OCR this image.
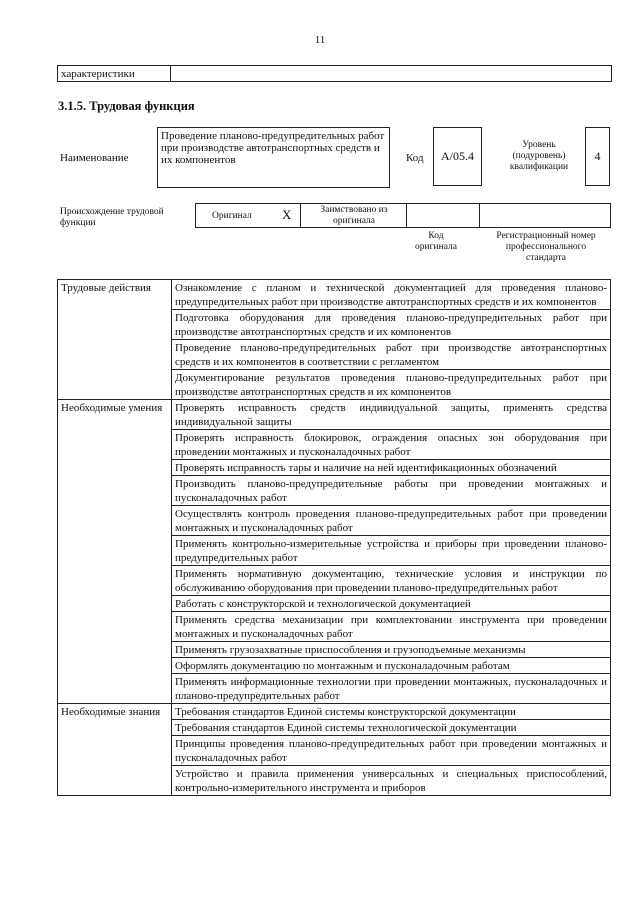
11
характеристики
3.1.5. Трудовая функция
Наименование
Проведение планово-предупредительных работ при производстве автотранспортных средств и их компонентов	Код	A/05.4
Уровень (подуровень) квалификации
4
Происхождение трудовой функции
Оригинал X	Заимствовано из оригинала
Код оригинала
Регистрационный номер профессионального стандарта
Трудовые действия	Ознакомление с планом и технической документацией для проведения планово-предупредительных работ при производстве автотранспортных средств и их компонентов
	Подготовка оборудования для проведения планово-предупредительных работ при производстве автотранспортных средств и их компонентов
	Проведение планово-предупредительных работ при производстве автотранспортных средств и их компонентов в соответствии с регламентом
	Документирование результатов проведения планово-предупредительных работ при производстве автотранспортных средств и их компонентов
Необходимые умения	Проверять исправность средств индивидуальной защиты, применять средства индивидуальной защиты
	Проверять исправность блокировок, ограждения опасных зон оборудования при проведении монтажных и пусконаладочных работ
	Проверять исправность тары и наличие на ней идентификационных обозначений
	Производить планово-предупредительные работы при проведении монтажных и пусконаладочных работ
	Осуществлять контроль проведения планово-предупредительных работ при проведении монтажных и пусконаладочных работ
	Применять контрольно-измерительные устройства и приборы при проведении планово-предупредительных работ
	Применять нормативную документацию, технические условия и инструкции по обслуживанию оборудования при проведении планово-предупредительных работ
	Работать с конструкторской и технологической документацией
	Применять средства механизации при комплектовании инструмента при проведении монтажных и пусконаладочных работ
	Применять грузозахватные приспособления и грузоподъемные механизмы
	Оформлять документацию по монтажным и пусконаладочным работам
	Применять информационные технологии при проведении монтажных, пусконаладочных и планово-предупредительных работ
Необходимые знания	Требования стандартов Единой системы конструкторской документации
	Требования стандартов Единой системы технологической документации
	Принципы проведения планово-предупредительных работ при проведении монтажных и пусконаладочных работ
	Устройство и правила применения универсальных и специальных приспособлений, контрольно-измерительного инструмента и приборов
